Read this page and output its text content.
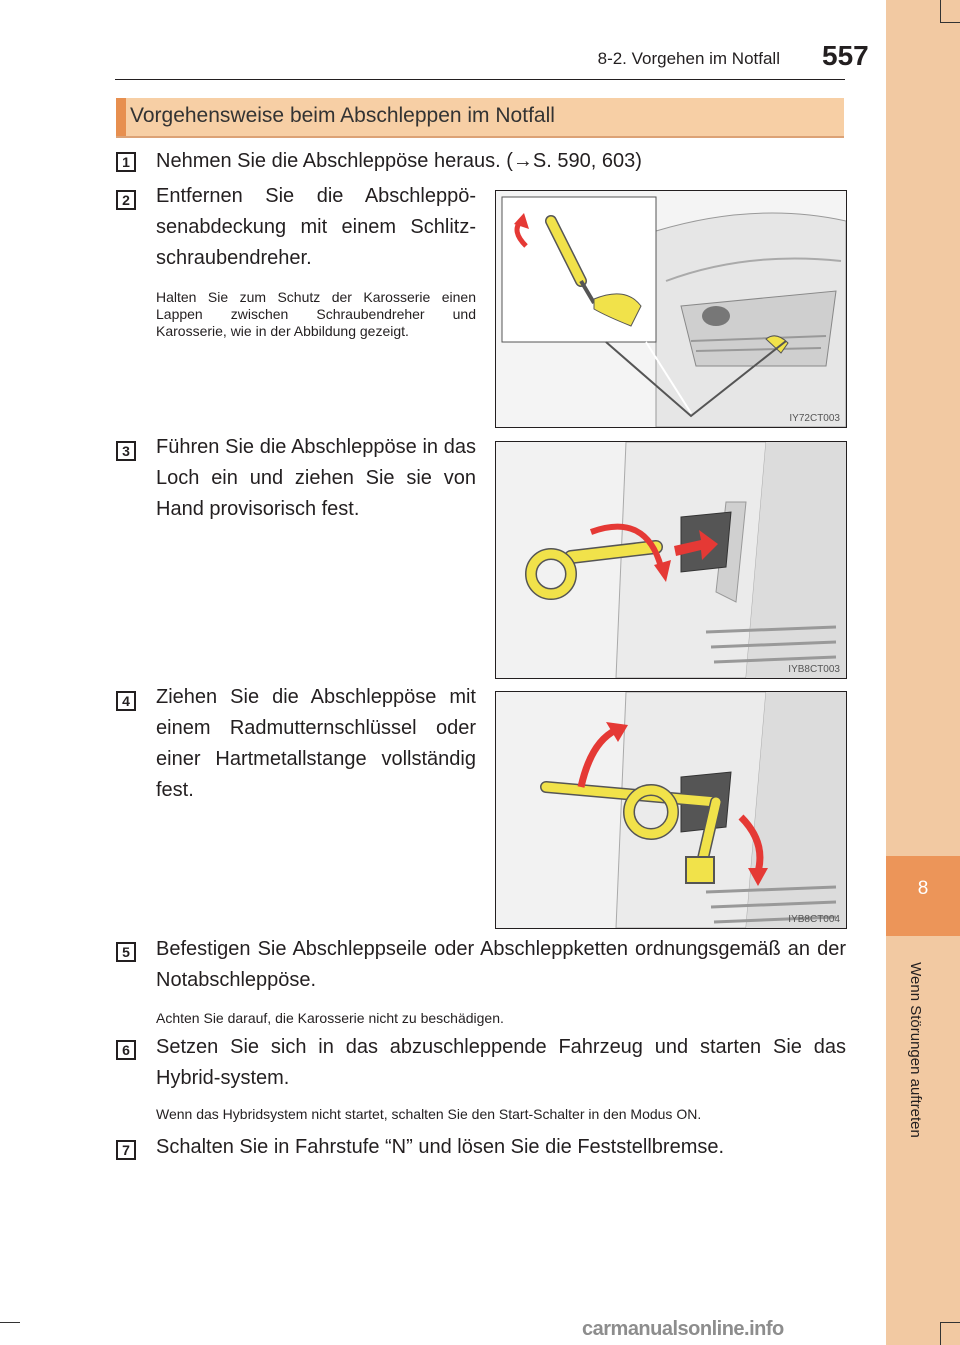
8
Wenn Störungen auftreten
8-2. Vorgehen im Notfall 557
Vorgehensweise beim Abschleppen im Notfall
1	Nehmen Sie die Abschleppöse heraus. (→S. 590, 603)
2	Entfernen Sie die Abschleppö-senabdeckung mit einem Schlitz-schraubendreher.
Halten Sie zum Schutz der Karosserie einen Lappen zwischen Schraubendreher und Karosserie, wie in der Abbildung gezeigt.
IY72CT003
3	Führen Sie die Abschleppöse in das Loch ein und ziehen Sie sie von Hand provisorisch fest.
IYB8CT003
4	Ziehen Sie die Abschleppöse mit einem Radmutternschlüssel oder einer Hartmetallstange vollständig fest.
IYB8CT004
5	Befestigen Sie Abschleppseile oder Abschleppketten ordnungsgemäß an der Notabschleppöse.
Achten Sie darauf, die Karosserie nicht zu beschädigen.
6	Setzen Sie sich in das abzuschleppende Fahrzeug und starten Sie das Hybrid-system.
Wenn das Hybridsystem nicht startet, schalten Sie den Start-Schalter in den Modus ON.
7	Schalten Sie in Fahrstufe “N” und lösen Sie die Feststellbremse.
carmanualsonline.info
